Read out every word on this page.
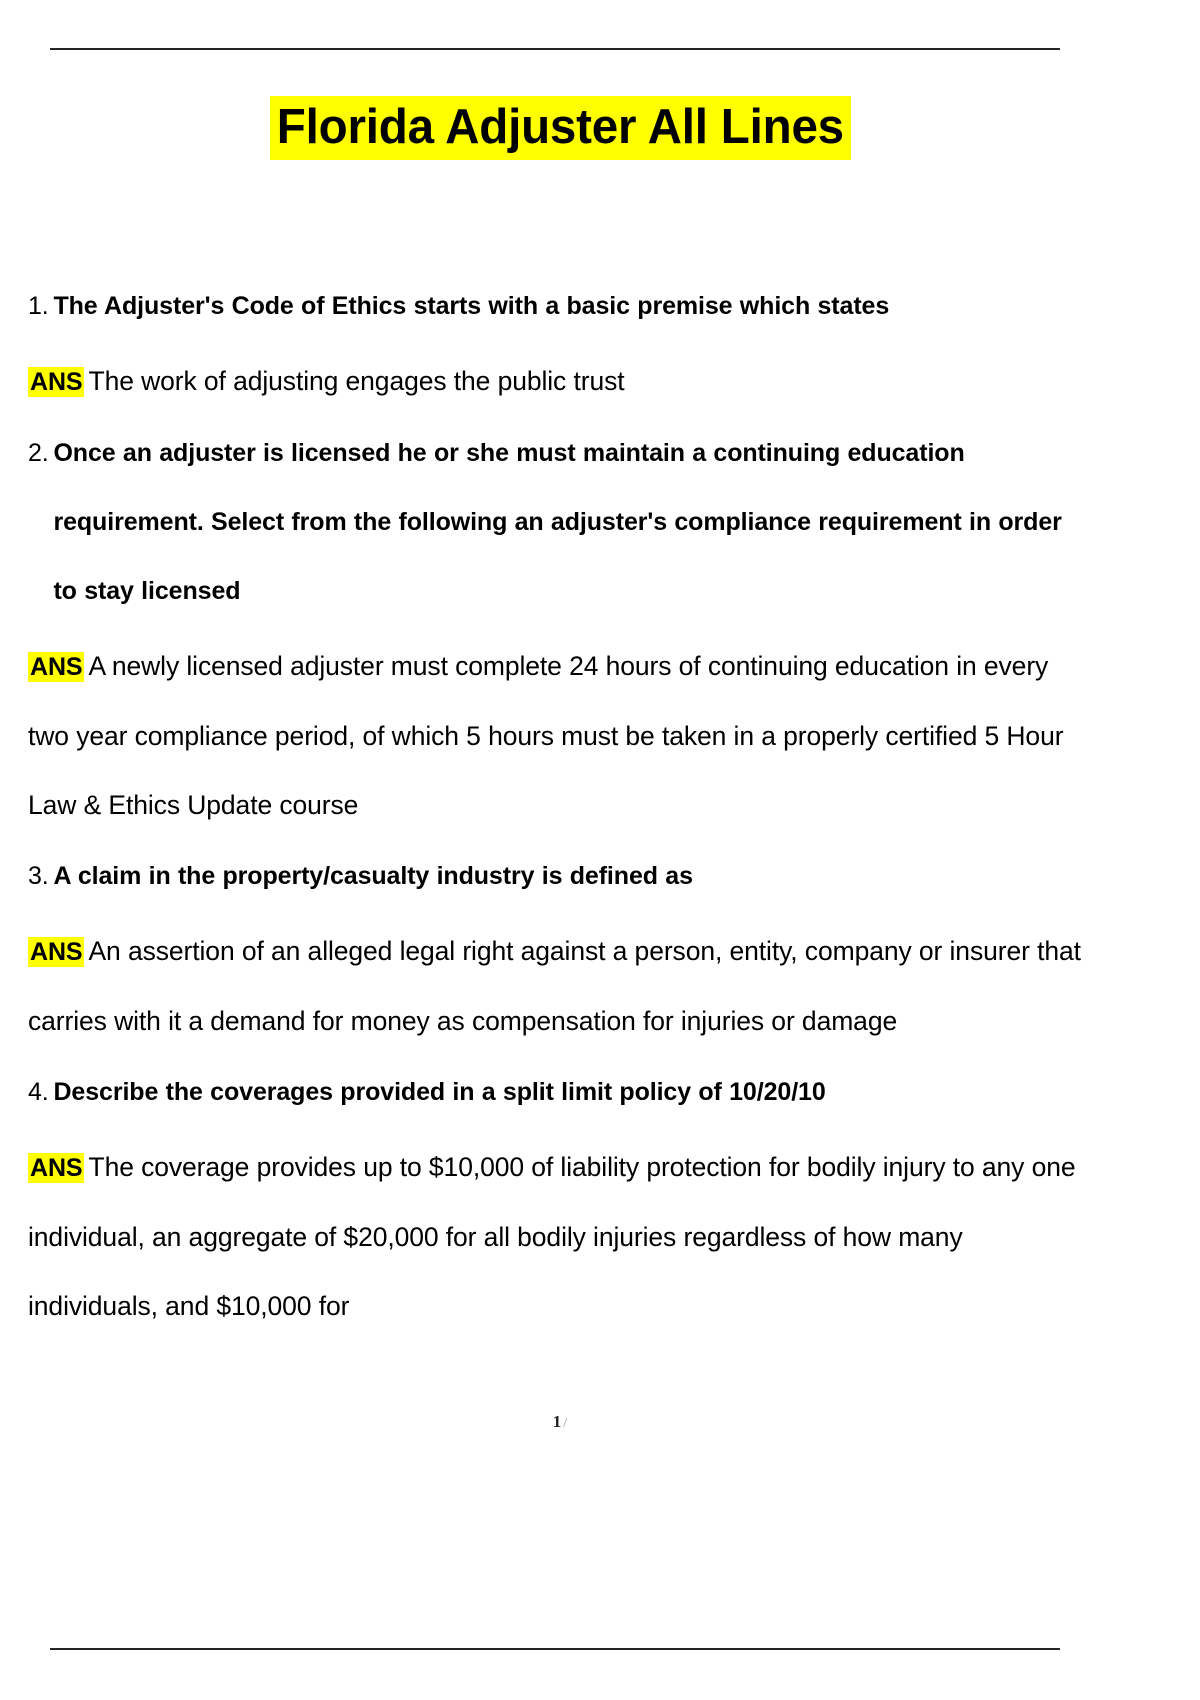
Florida Adjuster All Lines
1. The Adjuster's Code of Ethics starts with a basic premise which states

ANS The work of adjusting engages the public trust

2. Once an adjuster is licensed he or she must maintain a continuing education requirement. Select from the following an adjuster's compliance requirement in order to stay licensed

ANS A newly licensed adjuster must complete 24 hours of continuing education in every two year compliance period, of which 5 hours must be taken in a properly certified 5 Hour Law & Ethics Update course

3. A claim in the property/casualty industry is defined as

ANS An assertion of an alleged legal right against a person, entity, company or insurer that carries with it a demand for money as compensation for injuries or damage

4. Describe the coverages provided in a split limit policy of 10/20/10

ANS The coverage provides up to $10,000 of liability protection for bodily injury to any one individual, an aggregate of $20,000 for all bodily injuries regardless of how many individuals, and $10,000 for

1 /
